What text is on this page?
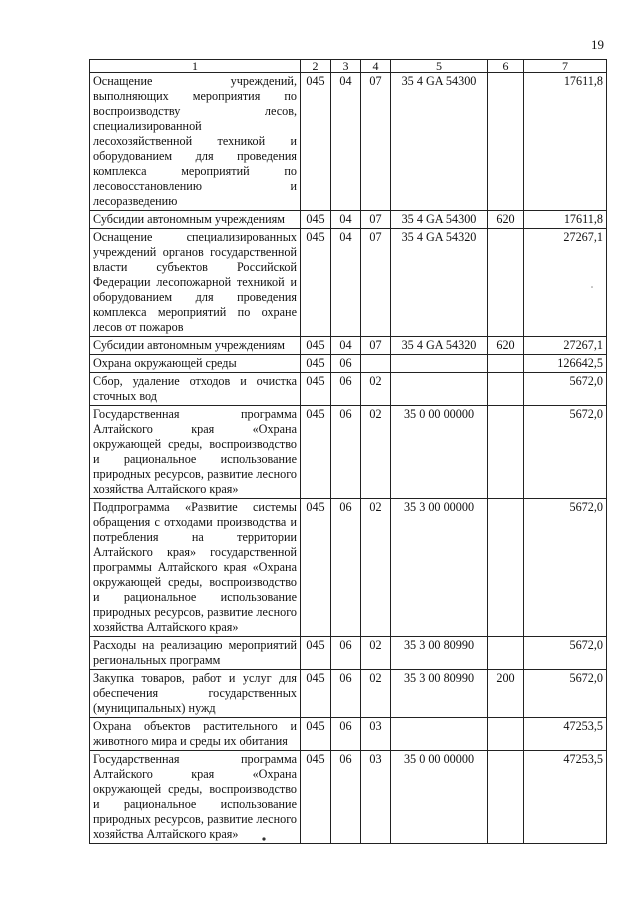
19
1	2	3	4	5	6	7
Оснащение учреждений, выполняющих мероприятия по воспроизводству лесов, специализированной лесохозяйственной техникой и оборудованием для проведения комплекса мероприятий по лесовосстановлению и лесоразведению	045	04	07	35 4 GA 54300		17611,8
Субсидии автономным учреждениям	045	04	07	35 4 GA 54300	620	17611,8
Оснащение специализированных учреждений органов государственной власти субъектов Российской Федерации лесопожарной техникой и оборудованием для проведения комплекса мероприятий по охране лесов от пожаров	045	04	07	35 4 GA 54320		27267,1
Субсидии автономным учреждениям	045	04	07	35 4 GA 54320	620	27267,1
Охрана окружающей среды	045	06				126642,5
Сбор, удаление отходов и очистка сточных вод	045	06	02			5672,0
Государственная программа Алтайского края «Охрана окружающей среды, воспроизводство и рациональное использование природных ресурсов, развитие лесного хозяйства Алтайского края»	045	06	02	35 0 00 00000		5672,0
Подпрограмма «Развитие системы обращения с отходами производства и потребления на территории Алтайского края» государственной программы Алтайского края «Охрана окружающей среды, воспроизводство и рациональное использование природных ресурсов, развитие лесного хозяйства Алтайского края»	045	06	02	35 3 00 00000		5672,0
Расходы на реализацию мероприятий региональных программ	045	06	02	35 3 00 80990		5672,0
Закупка товаров, работ и услуг для обеспечения государственных (муниципальных) нужд	045	06	02	35 3 00 80990	200	5672,0
Охрана объектов растительного и животного мира и среды их обитания	045	06	03			47253,5
Государственная программа Алтайского края «Охрана окружающей среды, воспроизводство и рациональное использование природных ресурсов, развитие лесного хозяйства Алтайского края»	045	06	03	35 0 00 00000		47253,5
